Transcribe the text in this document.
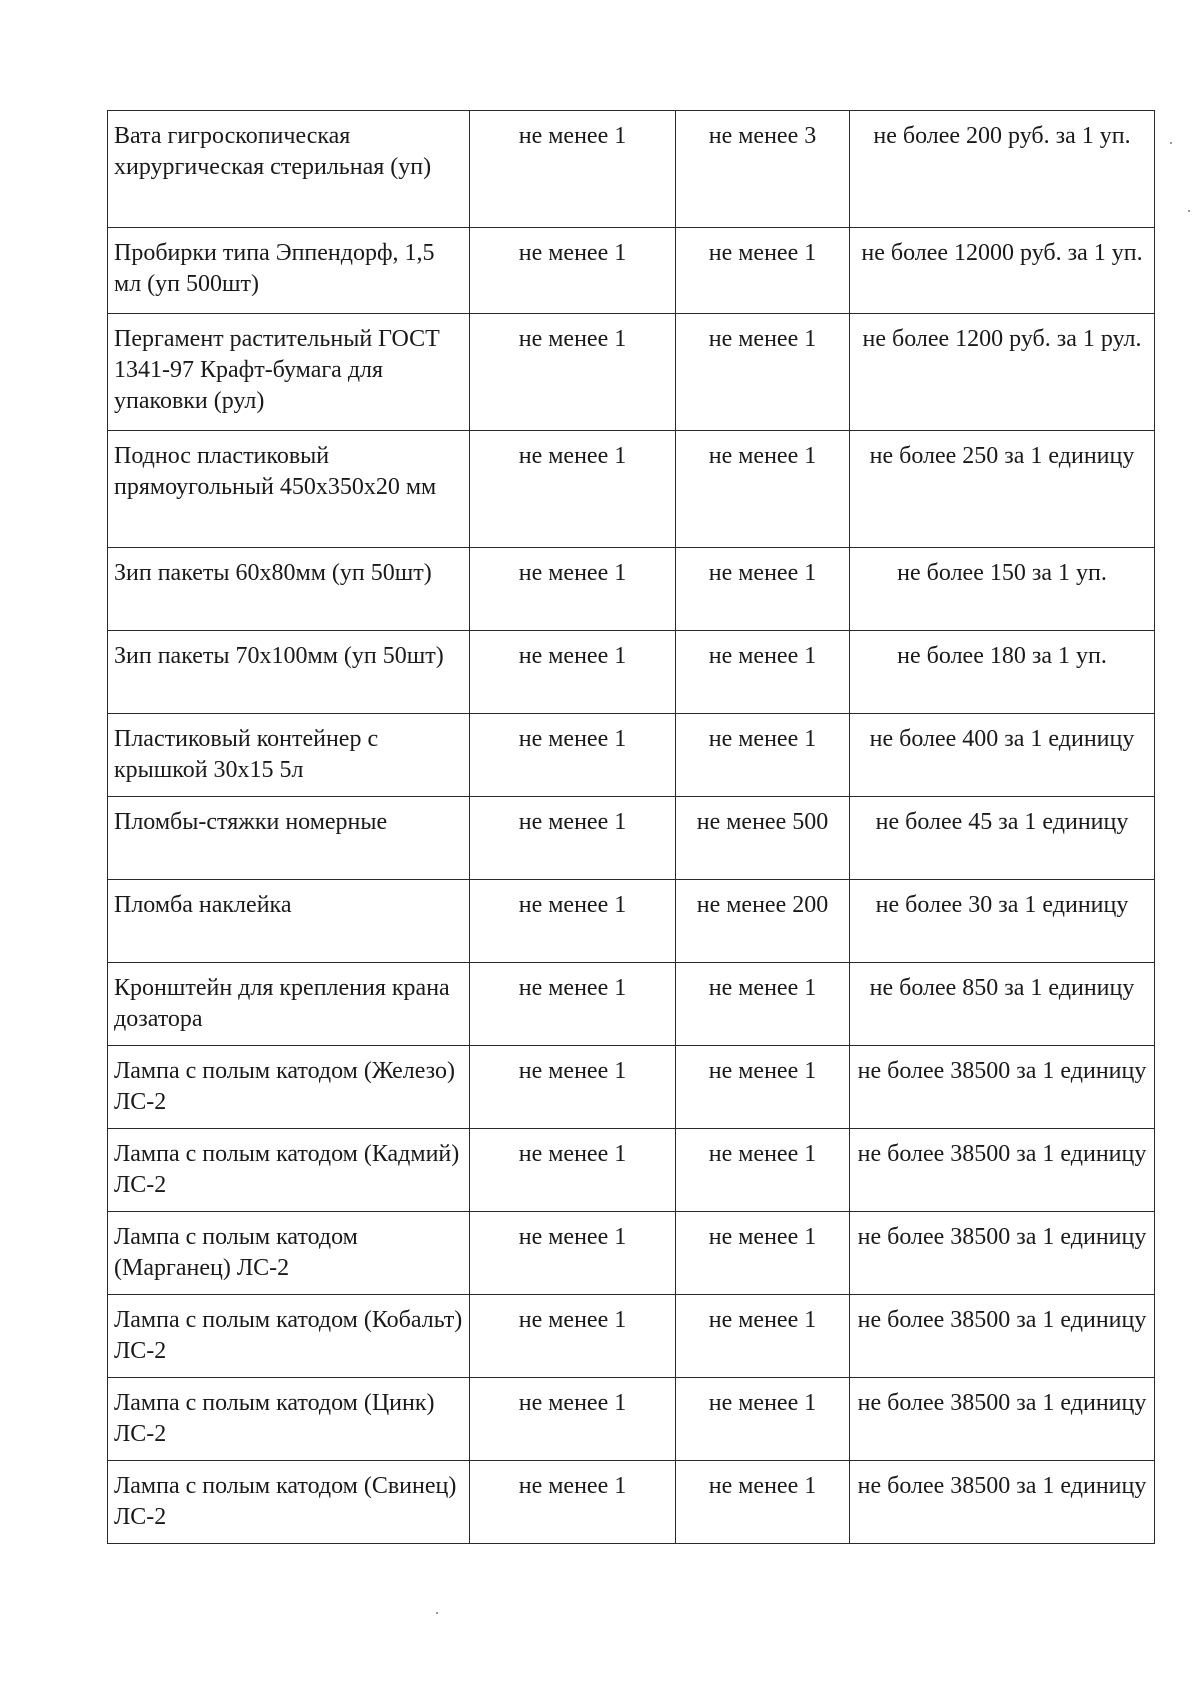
Вата гигроскопическая хирургическая стерильная (уп)	не менее 1	не менее 3	не более 200 руб. за 1 уп.
Пробирки типа Эппендорф, 1,5 мл (уп 500шт)	не менее 1	не менее 1	не более 12000 руб. за 1 уп.
Пергамент растительный ГОСТ 1341-97 Крафт-бумага для упаковки (рул)	не менее 1	не менее 1	не более 1200 руб. за 1 рул.
Поднос пластиковый прямоугольный 450х350х20 мм	не менее 1	не менее 1	не более 250 за 1 единицу
Зип пакеты 60х80мм (уп 50шт)	не менее 1	не менее 1	не более 150 за 1 уп.
Зип пакеты 70х100мм (уп 50шт)	не менее 1	не менее 1	не более 180 за 1 уп.
Пластиковый контейнер с крышкой 30х15 5л	не менее 1	не менее 1	не более 400 за 1 единицу
Пломбы-стяжки номерные	не менее 1	не менее 500	не более 45 за 1 единицу
Пломба наклейка	не менее 1	не менее 200	не более 30 за 1 единицу
Кронштейн для крепления крана дозатора	не менее 1	не менее 1	не более 850 за 1 единицу
Лампа с полым катодом (Железо) ЛС-2	не менее 1	не менее 1	не более 38500 за 1 единицу
Лампа с полым катодом (Кадмий) ЛС-2	не менее 1	не менее 1	не более 38500 за 1 единицу
Лампа с полым катодом (Марганец) ЛС-2	не менее 1	не менее 1	не более 38500 за 1 единицу
Лампа с полым катодом (Кобальт) ЛС-2	не менее 1	не менее 1	не более 38500 за 1 единицу
Лампа с полым катодом (Цинк) ЛС-2	не менее 1	не менее 1	не более 38500 за 1 единицу
Лампа с полым катодом (Свинец) ЛС-2	не менее 1	не менее 1	не более 38500 за 1 единицу
